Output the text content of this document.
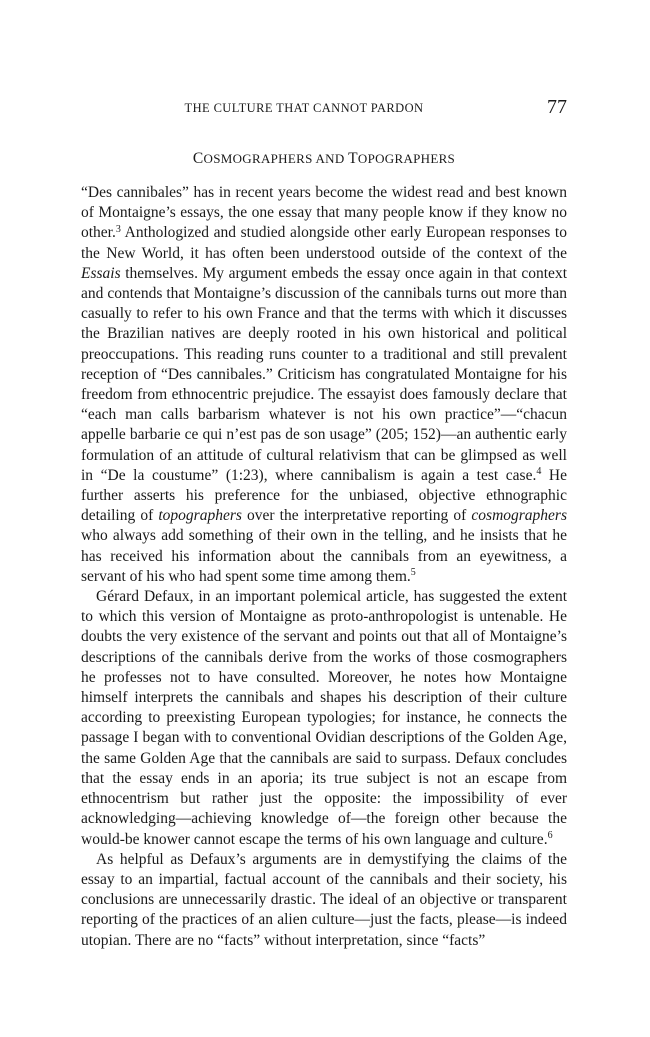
THE CULTURE THAT CANNOT PARDON	77
COSMOGRAPHERS AND TOPOGRAPHERS

“Des cannibales” has in recent years become the widest read and best known of Montaigne’s essays, the one essay that many people know if they know no other.$^3$ Anthologized and studied alongside other early European responses to the New World, it has often been understood outside of the context of the Essais themselves. My argument embeds the essay once again in that context and contends that Montaigne’s discussion of the cannibals turns out more than casually to refer to his own France and that the terms with which it discusses the Brazilian natives are deeply rooted in his own historical and political preoccupations. This reading runs counter to a traditional and still prevalent reception of “Des cannibales.” Criticism has congratulated Montaigne for his freedom from ethnocentric prejudice. The essayist does famously declare that “each man calls barbarism whatever is not his own practice”—“chacun appelle barbarie ce qui n’est pas de son usage” (205; 152)—an authentic early formulation of an attitude of cultural relativism that can be glimpsed as well in “De la coustume” (1:23), where cannibalism is again a test case.$^4$ He further asserts his preference for the unbiased, objective ethnographic detailing of topographers over the interpretative reporting of cosmographers who always add something of their own in the telling, and he insists that he has received his information about the cannibals from an eyewitness, a servant of his who had spent some time among them.$^5$

Gérard Defaux, in an important polemical article, has suggested the extent to which this version of Montaigne as proto-anthropologist is untenable. He doubts the very existence of the servant and points out that all of Montaigne’s descriptions of the cannibals derive from the works of those cosmographers he professes not to have consulted. Moreover, he notes how Montaigne himself interprets the cannibals and shapes his description of their culture according to preexisting European typologies; for instance, he connects the passage I began with to conventional Ovidian descriptions of the Golden Age, the same Golden Age that the cannibals are said to surpass. Defaux concludes that the essay ends in an aporia; its true subject is not an escape from ethnocentrism but rather just the opposite: the impossibility of ever acknowledging—achieving knowledge of—the foreign other because the would-be knower cannot escape the terms of his own language and culture.$^6$

As helpful as Defaux’s arguments are in demystifying the claims of the essay to an impartial, factual account of the cannibals and their society, his conclusions are unnecessarily drastic. The ideal of an objective or transparent reporting of the practices of an alien culture—just the facts, please—is indeed utopian. There are no “facts” without interpretation, since “facts”
